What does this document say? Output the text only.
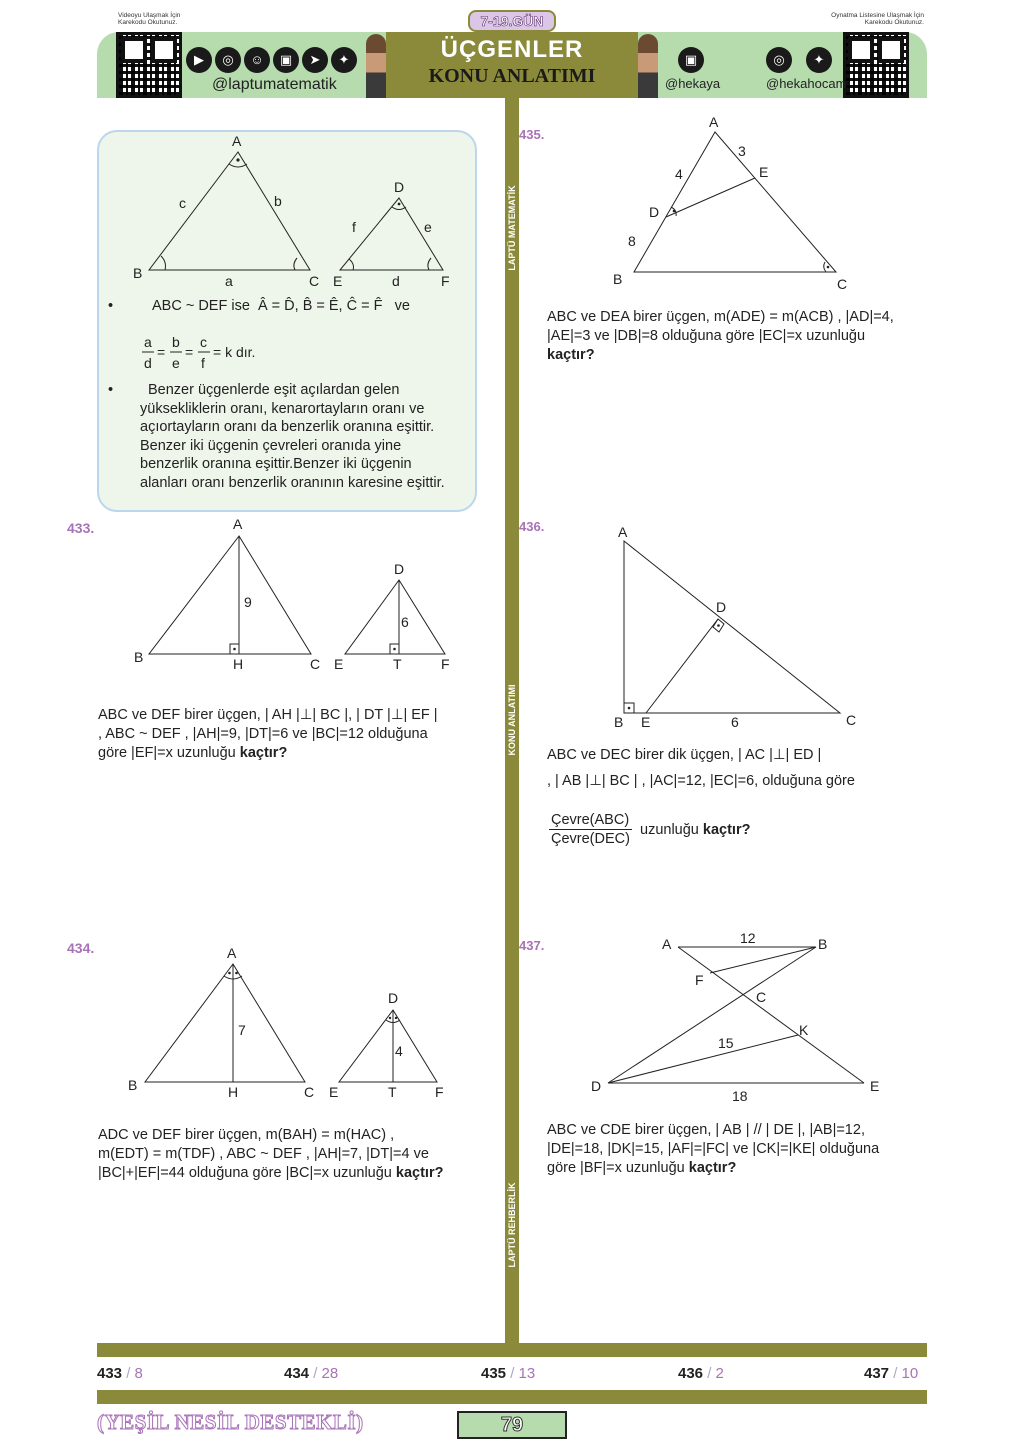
Videoyu Ulaşmak İçin Karekodu Okutunuz.
Oynatma Listesine Ulaşmak İçin Karekodu Okutunuz.
7-19.GÜN
▶	◎	☺	▣	➤	✦
@laptumatematik
ÜÇGENLER
KONU ANLATIMI
▣
@hekaya
◎	✦
@hekahocam
LAPTÜ MATEMATİK
KONU ANLATIMI
LAPTÜ REHBERLİK
A
B	C
a
b
c
D
E	F
d
e
f
•	ABC ~ DEF ise Â = D̂, B̂ = Ê, Ĉ = F̂ ve
a
d
=
b
e
=
c
f
= k dır.
•	Benzer üçgenlerde eşit açılardan gelen yüksekliklerin oranı, kenarortayların oranı ve açıortayların oranı da benzerlik oranına eşittir. Benzer iki üçgenin çevreleri oranıda yine benzerlik oranına eşittir.Benzer iki üçgenin alanları oranı benzerlik oranının karesine eşittir.
433.	A
B	C
H
9
D
E	T	F
6
ABC ve DEF birer üçgen, | AH |⊥| BC |, | DT |⊥| EF |
, ABC ~ DEF , |AH|=9, |DT|=6 ve |BC|=12 olduğuna
göre |EF|=x uzunluğu kaçtır?
434.	A
B	C
H
7
D
E	T	F
4
ADC ve DEF birer üçgen, m(BAH) = m(HAC) ,
m(EDT) = m(TDF) , ABC ~ DEF , |AH|=7, |DT|=4 ve
|BC|+|EF|=44 olduğuna göre |BC|=x uzunluğu kaçtır?
435.
A
3
E
4
D
8
B	C
ABC ve DEA birer üçgen, m(ADE) = m(ACB) , |AD|=4,
|AE|=3 ve |DB|=8 olduğuna göre |EC|=x uzunluğu
kaçtır?
436.	A
D
B E	6	C
ABC ve DEC birer dik üçgen, | AC |⊥| ED |
, | AB |⊥| BC | , |AC|=12, |EC|=6, olduğuna göre
Çevre(ABC)
Çevre(DEC)
uzunluğu kaçtır?
437.	A	12	B
F
C
K
15
D
18
E
ABC ve CDE birer üçgen, | AB | // | DE |, |AB|=12,
|DE|=18, |DK|=15, |AF|=|FC| ve |CK|=|KE| olduğuna
göre |BF|=x uzunluğu kaçtır?
433 / 8	434 / 28	435 / 13	436 / 2	437 / 10
(YEŞİL NESİL DESTEKLİ)	79
